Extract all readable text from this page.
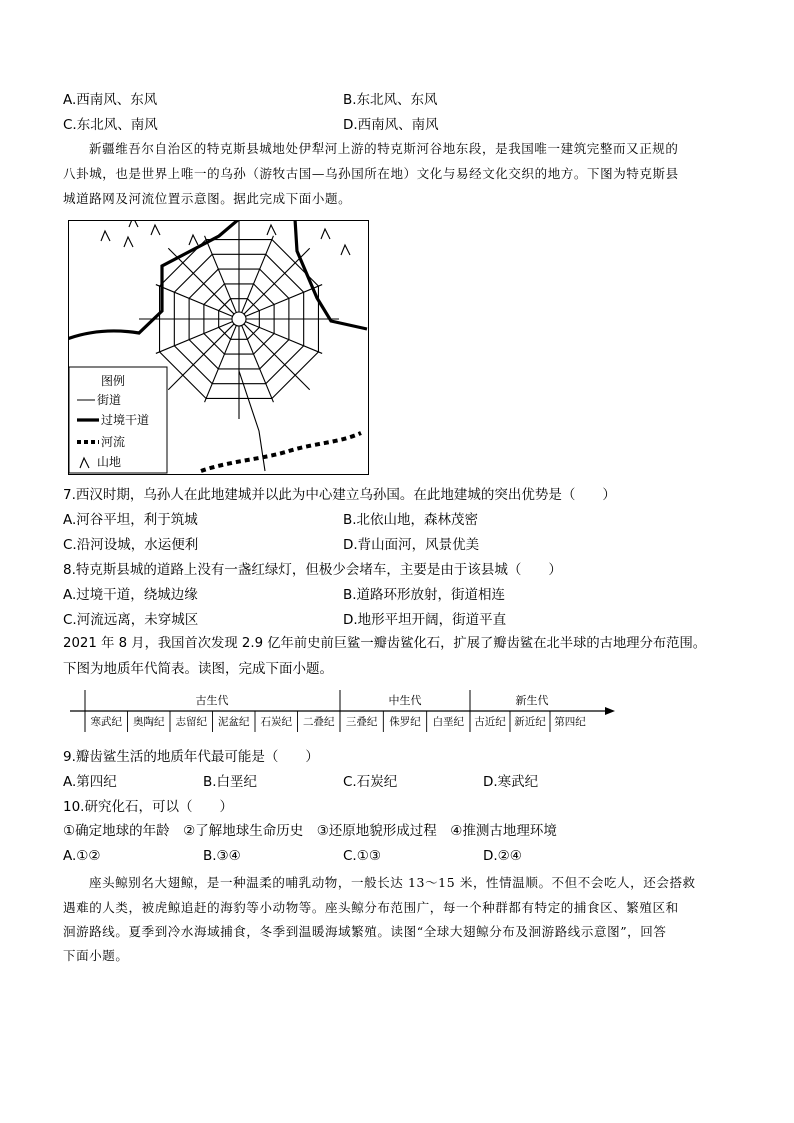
A.西南风、东风	B.东北风、东风
C.东北风、南风	D.西南风、南风
新疆维吾尔自治区的特克斯县城地处伊犁河上游的特克斯河谷地东段，是我国唯一建筑完整而又正规的
八卦城，也是世界上唯一的乌孙（游牧古国—乌孙国所在地）文化与易经文化交织的地方。下图为特克斯县
城道路网及河流位置示意图。据此完成下面小题。
图例
街道
过境干道
河流
山地
7.西汉时期，乌孙人在此地建城并以此为中心建立乌孙国。在此地建城的突出优势是（　　）
A.河谷平坦，利于筑城	B.北依山地，森林茂密
C.沿河设城，水运便利	D.背山面河，风景优美
8.特克斯县城的道路上没有一盏红绿灯，但极少会堵车，主要是由于该县城（　　）
A.过境干道，绕城边缘	B.道路环形放射，街道相连
C.河流远离，未穿城区	D.地形平坦开阔，街道平直
2021 年 8 月，我国首次发现 2.9 亿年前史前巨鲨一瓣齿鲨化石，扩展了瓣齿鲨在北半球的古地理分布范围。
下图为地质年代简表。读图，完成下面小题。
古生代	中生代	新生代
寒武纪	奥陶纪	志留纪	泥盆纪	石炭纪	二叠纪	三叠纪	侏罗纪	白垩纪 古近纪 新近纪 第四纪
9.瓣齿鲨生活的地质年代最可能是（　　）
A.第四纪	B.白垩纪	C.石炭纪	D.寒武纪
10.研究化石，可以（　　）
①确定地球的年龄　②了解地球生命历史　③还原地貌形成过程　④推测古地理环境
A.①②	B.③④	C.①③	D.②④
座头鲸别名大翅鲸，是一种温柔的哺乳动物，一般长达 13～15 米，性情温顺。不但不会吃人，还会搭救
遇难的人类，被虎鲸追赶的海豹等小动物等。座头鲸分布范围广，每一个种群都有特定的捕食区、繁殖区和
洄游路线。夏季到冷水海域捕食，冬季到温暖海域繁殖。读图“全球大翅鲸分布及洄游路线示意图”，回答
下面小题。
